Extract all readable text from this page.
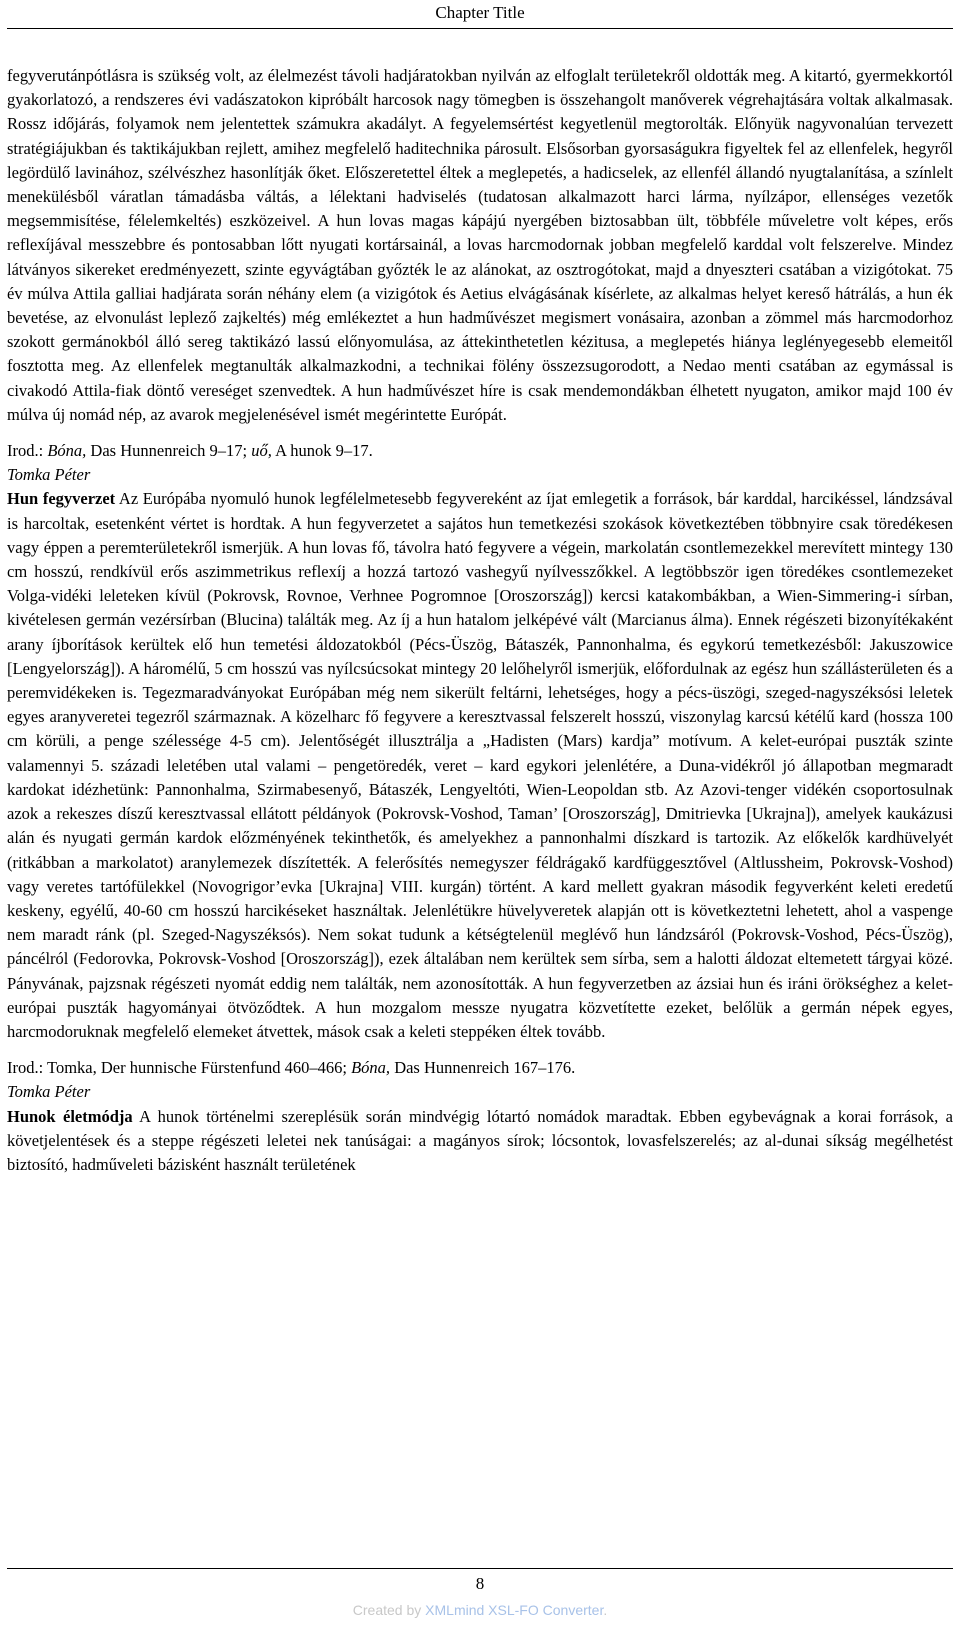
Chapter Title

fegyverutánpótlásra is szükség volt, az élelmezést távoli hadjáratokban nyilván az elfoglalt területekről oldották meg. A kitartó, gyermekkortól gyakorlatozó, a rendszeres évi vadászatokon kipróbált harcosok nagy tömegben is összehangolt manőverek végrehajtására voltak alkalmasak. Rossz időjárás, folyamok nem jelentettek számukra akadályt. A fegyelemsértést kegyetlenül megtorolták. Előnyük nagyvonalúan tervezett stratégiájukban és taktikájukban rejlett, amihez megfelelő haditechnika párosult. Elsősorban gyorsaságukra figyeltek fel az ellenfelek, hegyről legördülő lavinához, szélvészhez hasonlítják őket. Előszeretettel éltek a meglepetés, a hadicselek, az ellenfél állandó nyugtalanítása, a színlelt menekülésből váratlan támadásba váltás, a lélektani hadviselés (tudatosan alkalmazott harci lárma, nyílzápor, ellenséges vezetők megsemmisítése, félelemkeltés) eszközeivel. A hun lovas magas kápájú nyergében biztosabban ült, többféle műveletre volt képes, erős reflexíjával messzebbre és pontosabban lőtt nyugati kortársainál, a lovas harcmodornak jobban megfelelő karddal volt felszerelve. Mindez látványos sikereket eredményezett, szinte egyvágtában győzték le az alánokat, az osztrogótokat, majd a dnyeszteri csatában a vizigótokat. 75 év múlva Attila galliai hadjárata során néhány elem (a vizigótok és Aetius elvágásának kísérlete, az alkalmas helyet kereső hátrálás, a hun ék bevetése, az elvonulást leplező zajkeltés) még emlékeztet a hun hadművészet megismert vonásaira, azonban a zömmel más harcmodorhoz szokott germánokból álló sereg taktikázó lassú előnyomulása, az áttekinthetetlen kézitusa, a meglepetés hiánya leglényegesebb elemeitől fosztotta meg. Az ellenfelek megtanulták alkalmazkodni, a technikai fölény összezsugorodott, a Nedao menti csatában az egymással is civakodó Attila-fiak döntő vereséget szenvedtek. A hun hadművészet híre is csak mendemondákban élhetett nyugaton, amikor majd 100 év múlva új nomád nép, az avarok megjelenésével ismét megérintette Európát.

Irod.: Bóna, Das Hunnenreich 9–17; uő, A hunok 9–17.

Tomka Péter

Hun fegyverzet Az Európába nyomuló hunok legfélelmetesebb fegyvereként az íjat emlegetik a források, bár karddal, harcikéssel, lándzsával is harcoltak, esetenként vértet is hordtak. A hun fegyverzetet a sajátos hun temetkezési szokások következtében többnyire csak töredékesen vagy éppen a peremterületekről ismerjük. A hun lovas fő, távolra ható fegyvere a végein, markolatán csontlemezekkel merevített mintegy 130 cm hosszú, rendkívül erős aszimmetrikus reflexíj a hozzá tartozó vashegyű nyílvesszőkkel. A legtöbbször igen töredékes csontlemezeket Volga-vidéki leleteken kívül (Pokrovsk, Rovnoe, Verhnee Pogromnoe [Oroszország]) kercsi katakombákban, a Wien-Simmering-i sírban, kivételesen germán vezérsírban (Blucina) találták meg. Az íj a hun hatalom jelképévé vált (Marcianus álma). Ennek régészeti bizonyítékaként arany íjborítások kerültek elő hun temetési áldozatokból (Pécs-Üszög, Bátaszék, Pannonhalma, és egykorú temetkezésből: Jakuszowice [Lengyelország]). A háromélű, 5 cm hosszú vas nyílcsúcsokat mintegy 20 lelőhelyről ismerjük, előfordulnak az egész hun szállásterületen és a peremvidékeken is. Tegezmaradványokat Európában még nem sikerült feltárni, lehetséges, hogy a pécs-üszögi, szeged-nagyszéksósi leletek egyes aranyveretei tegezről származnak. A közelharc fő fegyvere a keresztvassal felszerelt hosszú, viszonylag karcsú kétélű kard (hossza 100 cm körüli, a penge szélessége 4-5 cm). Jelentőségét illusztrálja a „Hadisten (Mars) kardja” motívum. A kelet-európai puszták szinte valamennyi 5. századi leletében utal valami – pengetöredék, veret – kard egykori jelenlétére, a Duna-vidékről jó állapotban megmaradt kardokat idézhetünk: Pannonhalma, Szirmabesenyő, Bátaszék, Lengyeltóti, Wien-Leopoldan stb. Az Azovi-tenger vidékén csoportosulnak azok a rekeszes díszű keresztvassal ellátott példányok (Pokrovsk-Voshod, Taman’ [Oroszország], Dmitrievka [Ukrajna]), amelyek kaukázusi alán és nyugati germán kardok előzményének tekinthetők, és amelyekhez a pannonhalmi díszkard is tartozik. Az előkelők kardhüvelyét (ritkábban a markolatot) aranylemezek díszítették. A felerősítés nemegyszer féldrágakő kardfüggesztővel (Altlussheim, Pokrovsk-Voshod) vagy veretes tartófülekkel (Novogrigor’evka [Ukrajna] VIII. kurgán) történt. A kard mellett gyakran második fegyverként keleti eredetű keskeny, egyélű, 40-60 cm hosszú harcikéseket használtak. Jelenlétükre hüvelyveretek alapján ott is következtetni lehetett, ahol a vaspenge nem maradt ránk (pl. Szeged-Nagyszéksós). Nem sokat tudunk a kétségtelenül meglévő hun lándzsáról (Pokrovsk-Voshod, Pécs-Üszög), páncélról (Fedorovka, Pokrovsk-Voshod [Oroszország]), ezek általában nem kerültek sem sírba, sem a halotti áldozat eltemetett tárgyai közé. Pányvának, pajzsnak régészeti nyomát eddig nem találták, nem azonosították. A hun fegyverzetben az ázsiai hun és iráni örökséghez a kelet-európai puszták hagyományai ötvöződtek. A hun mozgalom messze nyugatra közvetítette ezeket, belőlük a germán népek egyes, harcmodoruknak megfelelő elemeket átvettek, mások csak a keleti steppéken éltek tovább.

Irod.: Tomka, Der hunnische Fürstenfund 460–466; Bóna, Das Hunnenreich 167–176.

Tomka Péter

Hunok életmódja A hunok történelmi szereplésük során mindvégig lótartó nomádok maradtak. Ebben egybevágnak a korai források, a követjelentések és a steppe régészeti leletei nek tanúságai: a magányos sírok; lócsontok, lovasfelszerelés; az al-dunai síkság megélhetést biztosító, hadműveleti bázisként használt területének

8
Created by XMLmind XSL-FO Converter.
